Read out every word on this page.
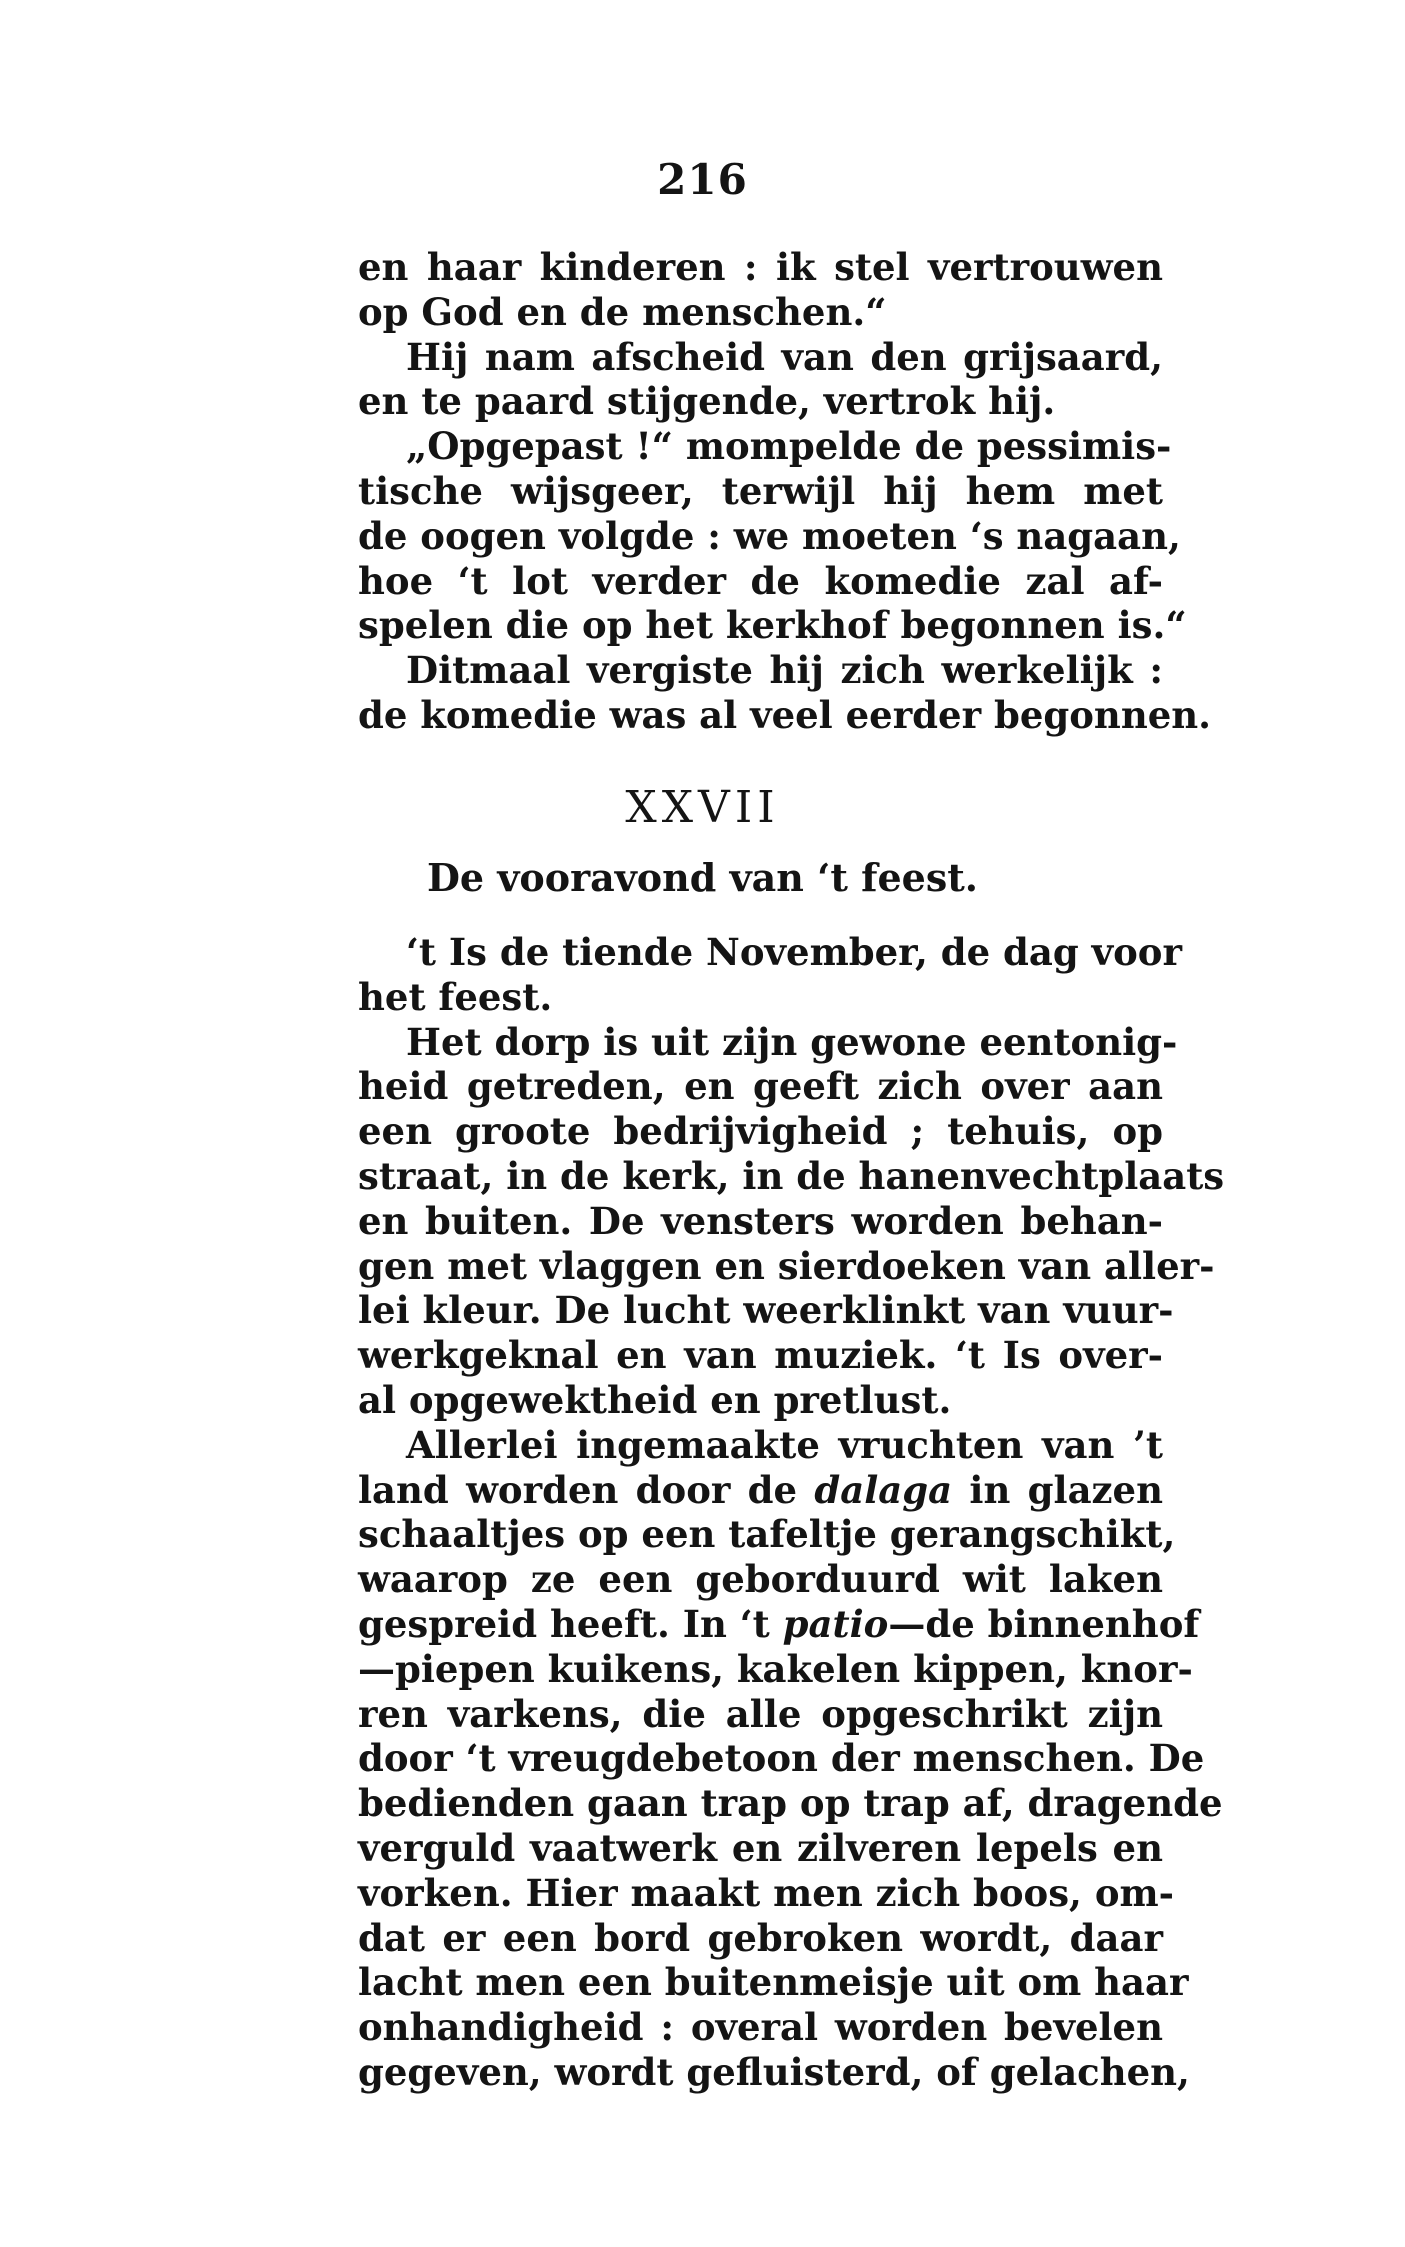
216
en haar kinderen : ik stel vertrouwen
op God en de menschen.“
Hij nam afscheid van den grijsaard,
en te paard stijgende, vertrok hij.
„Opgepast !“ mompelde de pessimis-
tische wijsgeer, terwijl hij hem met
de oogen volgde : we moeten ‘s nagaan,
hoe ‘t lot verder de komedie zal af-
spelen die op het kerkhof begonnen is.“
Ditmaal vergiste hij zich werkelijk :
de komedie was al veel eerder begonnen.
XXVII
De vooravond van ‘t feest.
‘t Is de tiende November, de dag voor
het feest.
Het dorp is uit zijn gewone eentonig-
heid getreden, en geeft zich over aan
een groote bedrijvigheid ; tehuis, op
straat, in de kerk, in de hanenvechtplaats
en buiten. De vensters worden behan-
gen met vlaggen en sierdoeken van aller-
lei kleur. De lucht weerklinkt van vuur-
werkgeknal en van muziek. ‘t Is over-
al opgewektheid en pretlust.
Allerlei ingemaakte vruchten van ’t
land worden door de dalaga in glazen
schaaltjes op een tafeltje gerangschikt,
waarop ze een geborduurd wit laken
gespreid heeft. In ‘t patio—de binnenhof
—piepen kuikens, kakelen kippen, knor-
ren varkens, die alle opgeschrikt zijn
door ‘t vreugdebetoon der menschen. De
bedienden gaan trap op trap af, dragende
verguld vaatwerk en zilveren lepels en
vorken. Hier maakt men zich boos, om-
dat er een bord gebroken wordt, daar
lacht men een buitenmeisje uit om haar
onhandigheid : overal worden bevelen
gegeven, wordt gefluisterd, of gelachen,
